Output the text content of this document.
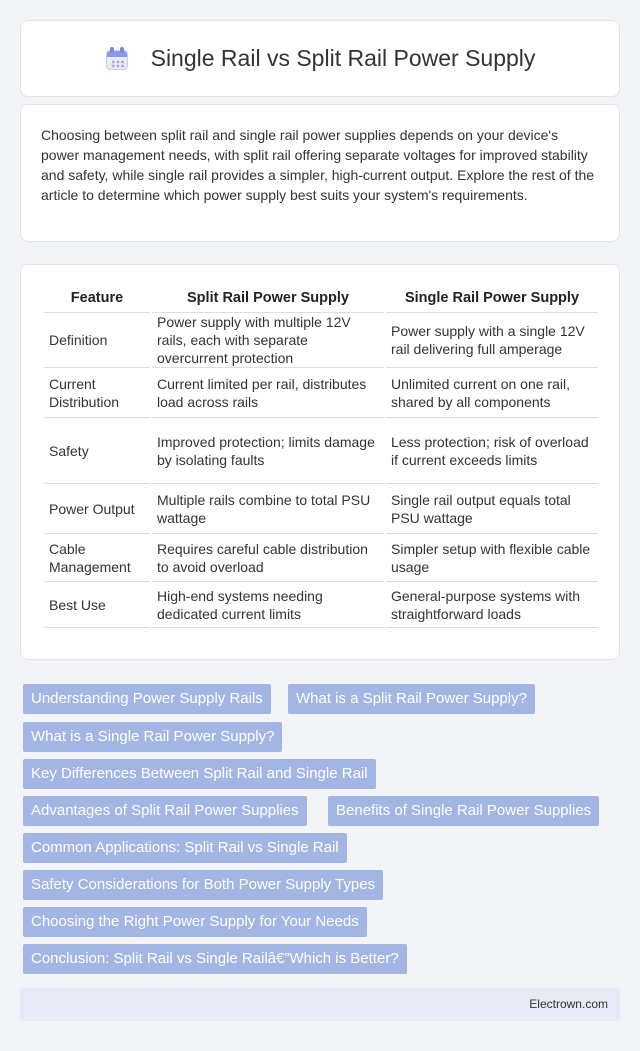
Single Rail vs Split Rail Power Supply

Choosing between split rail and single rail power supplies depends on your device's power management needs, with split rail offering separate voltages for improved stability and safety, while single rail provides a simpler, high-current output. Explore the rest of the article to determine which power supply best suits your system's requirements.

Feature	Split Rail Power Supply	Single Rail Power Supply
Definition	Power supply with multiple 12V rails, each with separate overcurrent protection	Power supply with a single 12V rail delivering full amperage
Current Distribution	Current limited per rail, distributes load across rails	Unlimited current on one rail, shared by all components
Safety	Improved protection; limits damage by isolating faults	Less protection; risk of overload if current exceeds limits
Power Output	Multiple rails combine to total PSU wattage	Single rail output equals total PSU wattage
Cable Management	Requires careful cable distribution to avoid overload	Simpler setup with flexible cable usage
Best Use	High-end systems needing dedicated current limits	General-purpose systems with straightforward loads
Understanding Power Supply Rails	What is a Split Rail Power Supply?
What is a Single Rail Power Supply?
Key Differences Between Split Rail and Single Rail
Advantages of Split Rail Power Supplies	Benefits of Single Rail Power Supplies
Common Applications: Split Rail vs Single Rail
Safety Considerations for Both Power Supply Types
Choosing the Right Power Supply for Your Needs
Conclusion: Split Rail vs Single Railâ€”Which is Better?
Electrown.com
